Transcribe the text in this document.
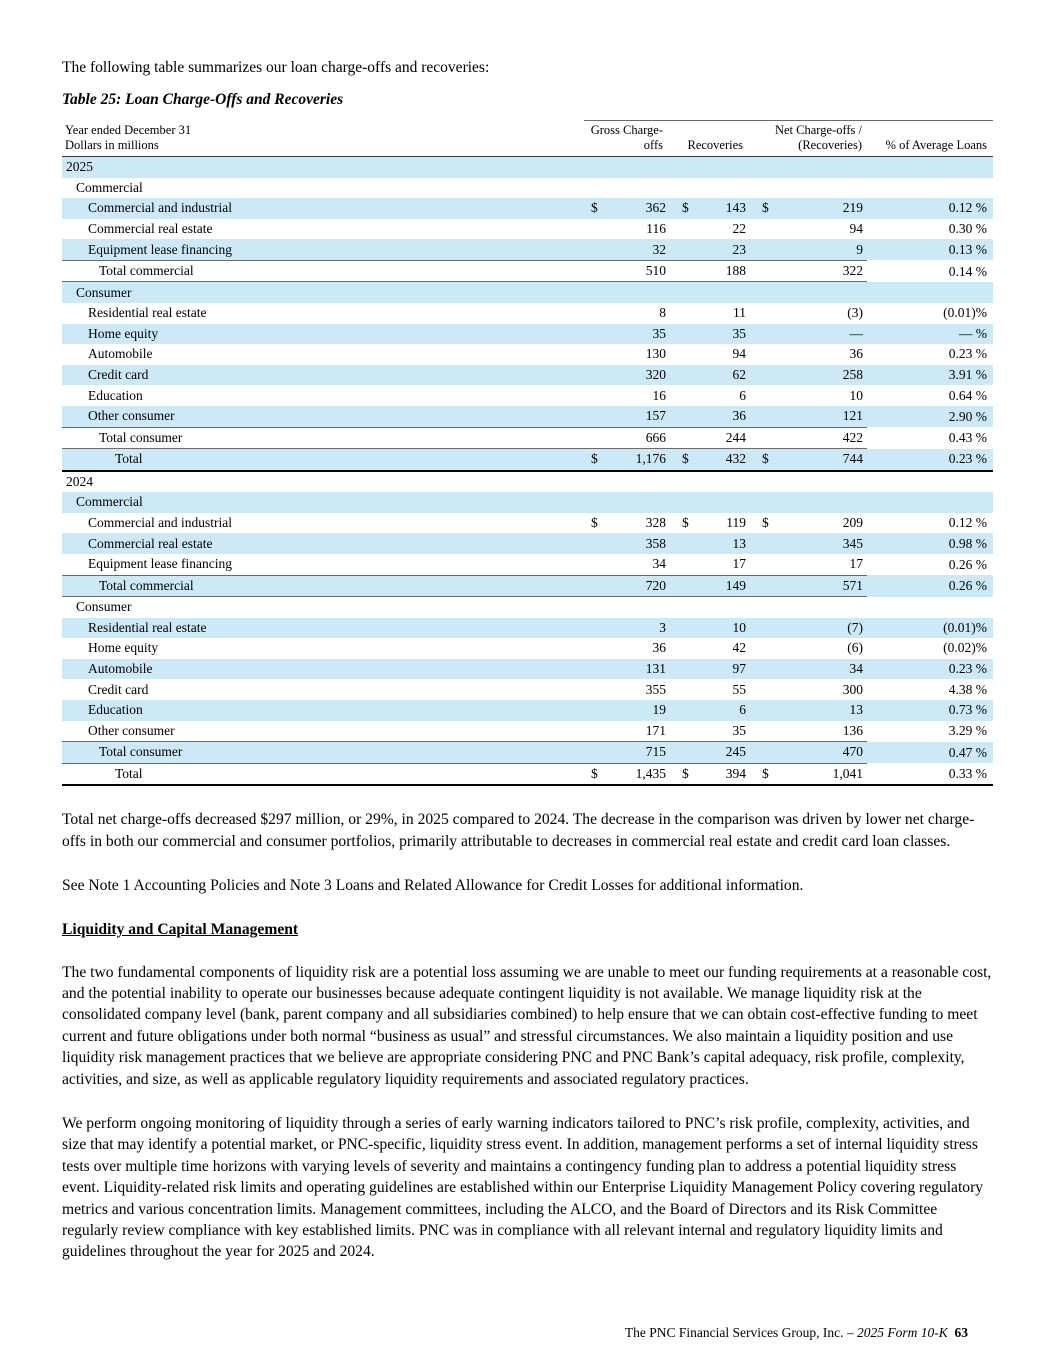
The following table summarizes our loan charge-offs and recoveries:

Table 25: Loan Charge-Offs and Recoveries
Year ended December 31
Dollars in millions	Gross Charge-offs		Recoveries		Net Charge-offs / (Recoveries)		% of Average Loans
2025							
Commercial							
Commercial and industrial	$	362	$	143	$	219	0.12 %
Commercial real estate		116		22		94	0.30 %
Equipment lease financing		32		23		9	0.13 %
Total commercial		510		188		322	0.14 %
Consumer							
Residential real estate		8		11		(3)	(0.01)%
Home equity		35		35		—	— %
Automobile		130		94		36	0.23 %
Credit card		320		62		258	3.91 %
Education		16		6		10	0.64 %
Other consumer		157		36		121	2.90 %
Total consumer		666		244		422	0.43 %
Total	$	1,176	$	432	$	744	0.23 %
2024							
Commercial							
Commercial and industrial	$	328	$	119	$	209	0.12 %
Commercial real estate		358		13		345	0.98 %
Equipment lease financing		34		17		17	0.26 %
Total commercial		720		149		571	0.26 %
Consumer							
Residential real estate		3		10		(7)	(0.01)%
Home equity		36		42		(6)	(0.02)%
Automobile		131		97		34	0.23 %
Credit card		355		55		300	4.38 %
Education		19		6		13	0.73 %
Other consumer		171		35		136	3.29 %
Total consumer		715		245		470	0.47 %
Total	$	1,435	$	394	$	1,041	0.33 %

Total net charge-offs decreased $297 million, or 29%, in 2025 compared to 2024. The decrease in the comparison was driven by lower net charge-offs in both our commercial and consumer portfolios, primarily attributable to decreases in commercial real estate and credit card loan classes.

See Note 1 Accounting Policies and Note 3 Loans and Related Allowance for Credit Losses for additional information.

Liquidity and Capital Management

The two fundamental components of liquidity risk are a potential loss assuming we are unable to meet our funding requirements at a reasonable cost, and the potential inability to operate our businesses because adequate contingent liquidity is not available. We manage liquidity risk at the consolidated company level (bank, parent company and all subsidiaries combined) to help ensure that we can obtain cost-effective funding to meet current and future obligations under both normal “business as usual” and stressful circumstances. We also maintain a liquidity position and use liquidity risk management practices that we believe are appropriate considering PNC and PNC Bank’s capital adequacy, risk profile, complexity, activities, and size, as well as applicable regulatory liquidity requirements and associated regulatory practices.

We perform ongoing monitoring of liquidity through a series of early warning indicators tailored to PNC’s risk profile, complexity, activities, and size that may identify a potential market, or PNC-specific, liquidity stress event. In addition, management performs a set of internal liquidity stress tests over multiple time horizons with varying levels of severity and maintains a contingency funding plan to address a potential liquidity stress event. Liquidity-related risk limits and operating guidelines are established within our Enterprise Liquidity Management Policy covering regulatory metrics and various concentration limits. Management committees, including the ALCO, and the Board of Directors and its Risk Committee regularly review compliance with key established limits. PNC was in compliance with all relevant internal and regulatory liquidity limits and guidelines throughout the year for 2025 and 2024.

The PNC Financial Services Group, Inc. – 2025 Form 10-K 63
